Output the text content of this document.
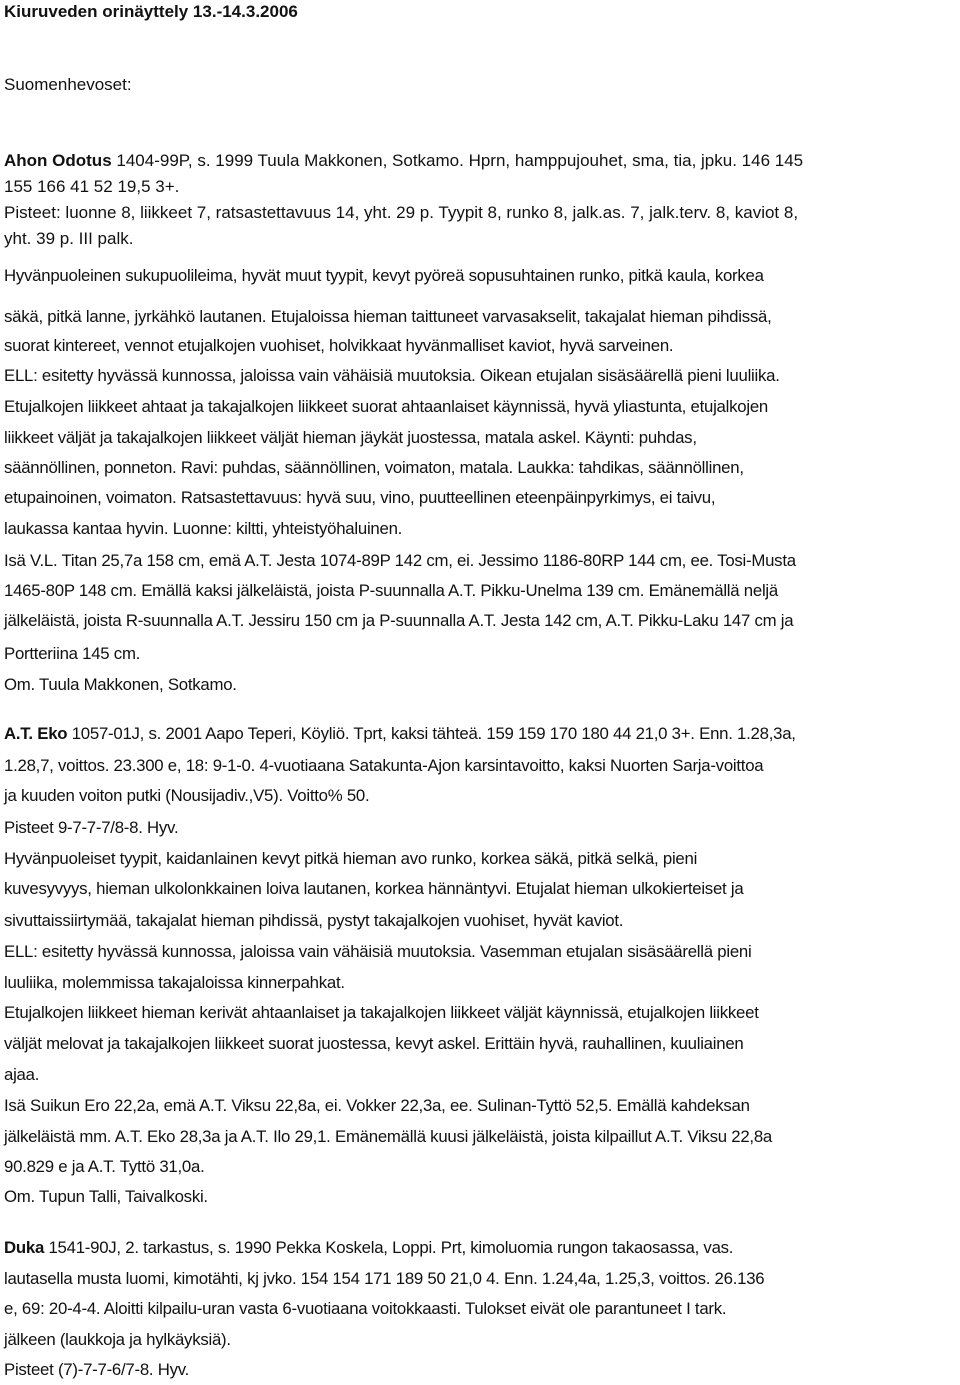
Kiuruveden orinäyttely 13.-14.3.2006
Suomenhevoset:
Ahon Odotus 1404-99P, s. 1999 Tuula Makkonen, Sotkamo. Hprn, hamppujouhet, sma, tia, jpku. 146 145
155 166 41 52 19,5 3+.
Pisteet: luonne 8, liikkeet 7, ratsastettavuus 14, yht. 29 p. Tyypit 8, runko 8, jalk.as. 7, jalk.terv. 8, kaviot 8,
yht. 39 p. III palk.
Hyvänpuoleinen sukupuolileima, hyvät muut tyypit, kevyt pyöreä sopusuhtainen runko, pitkä kaula, korkea
säkä, pitkä lanne, jyrkähkö lautanen. Etujaloissa hieman taittuneet varvasakselit, takajalat hieman pihdissä,
suorat kintereet, vennot etujalkojen vuohiset, holvikkaat hyvänmalliset kaviot, hyvä sarveinen.
ELL: esitetty hyvässä kunnossa, jaloissa vain vähäisiä muutoksia. Oikean etujalan sisäsäärellä pieni luuliika.
Etujalkojen liikkeet ahtaat ja takajalkojen liikkeet suorat ahtaanlaiset käynnissä, hyvä yliastunta, etujalkojen
liikkeet väljät ja takajalkojen liikkeet väljät hieman jäykät juostessa, matala askel. Käynti: puhdas,
säännöllinen, ponneton. Ravi: puhdas, säännöllinen, voimaton, matala. Laukka: tahdikas, säännöllinen,
etupainoinen, voimaton. Ratsastettavuus: hyvä suu, vino, puutteellinen eteenpäinpyrkimys, ei taivu,
laukassa kantaa hyvin. Luonne: kiltti, yhteistyöhaluinen.
Isä V.L. Titan 25,7a 158 cm, emä A.T. Jesta 1074-89P 142 cm, ei. Jessimo 1186-80RP 144 cm, ee. Tosi-Musta
1465-80P 148 cm. Emällä kaksi jälkeläistä, joista P-suunnalla A.T. Pikku-Unelma 139 cm. Emänemällä neljä
jälkeläistä, joista R-suunnalla A.T. Jessiru 150 cm ja P-suunnalla A.T. Jesta 142 cm, A.T. Pikku-Laku 147 cm ja
Portteriina 145 cm.
Om. Tuula Makkonen, Sotkamo.
A.T. Eko 1057-01J, s. 2001 Aapo Teperi, Köyliö. Tprt, kaksi tähteä. 159 159 170 180 44 21,0 3+. Enn. 1.28,3a,
1.28,7, voittos. 23.300 e, 18: 9-1-0. 4-vuotiaana Satakunta-Ajon karsintavoitto, kaksi Nuorten Sarja-voittoa
ja kuuden voiton putki (Nousijadiv.,V5). Voitto% 50.
Pisteet 9-7-7-7/8-8. Hyv.
Hyvänpuoleiset tyypit, kaidanlainen kevyt pitkä hieman avo runko, korkea säkä, pitkä selkä, pieni
kuvesyvyys, hieman ulkolonkkainen loiva lautanen, korkea hännäntyvi. Etujalat hieman ulkokierteiset ja
sivuttaissiirtymää, takajalat hieman pihdissä, pystyt takajalkojen vuohiset, hyvät kaviot.
ELL: esitetty hyvässä kunnossa, jaloissa vain vähäisiä muutoksia. Vasemman etujalan sisäsäärellä pieni
luuliika, molemmissa takajaloissa kinnerpahkat.
Etujalkojen liikkeet hieman kerivät ahtaanlaiset ja takajalkojen liikkeet väljät käynnissä, etujalkojen liikkeet
väljät melovat ja takajalkojen liikkeet suorat juostessa, kevyt askel. Erittäin hyvä, rauhallinen, kuuliainen
ajaa.
Isä Suikun Ero 22,2a, emä A.T. Viksu 22,8a, ei. Vokker 22,3a, ee. Sulinan-Tyttö 52,5. Emällä kahdeksan
jälkeläistä mm. A.T. Eko 28,3a ja A.T. Ilo 29,1. Emänemällä kuusi jälkeläistä, joista kilpaillut A.T. Viksu 22,8a
90.829 e ja A.T. Tyttö 31,0a.
Om. Tupun Talli, Taivalkoski.
Duka 1541-90J, 2. tarkastus, s. 1990 Pekka Koskela, Loppi. Prt, kimoluomia rungon takaosassa, vas.
lautasella musta luomi, kimotähti, kj jvko. 154 154 171 189 50 21,0 4. Enn. 1.24,4a, 1.25,3, voittos. 26.136
e, 69: 20-4-4. Aloitti kilpailu-uran vasta 6-vuotiaana voitokkaasti. Tulokset eivät ole parantuneet I tark.
jälkeen (laukkoja ja hylkäyksiä).
Pisteet (7)-7-7-6/7-8. Hyv.
